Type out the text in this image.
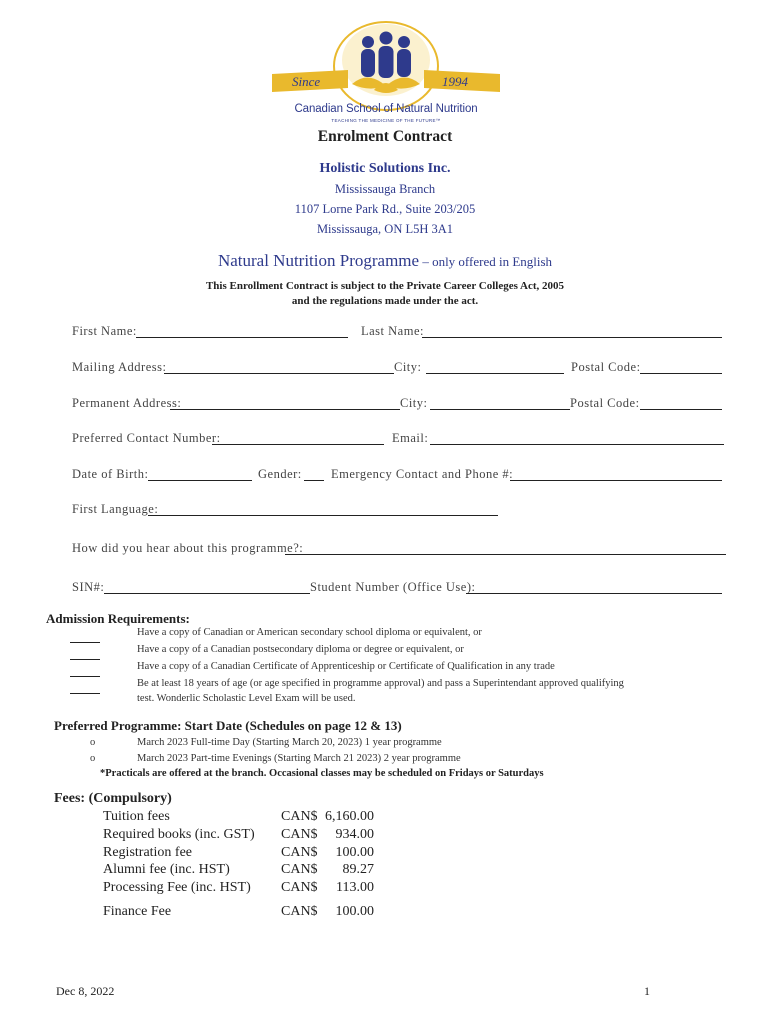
Since	1994
Canadian School of Natural Nutrition
TEACHING THE MEDICINE OF THE FUTURE™
Enrolment Contract
Holistic Solutions Inc.
Mississauga Branch
1107 Lorne Park Rd., Suite 203/205
Mississauga, ON L5H 3A1
Natural Nutrition Programme – only offered in English
This Enrollment Contract is subject to the Private Career Colleges Act, 2005
and the regulations made under the act.
First Name:	Last Name:
Mailing Address:	City:	Postal Code:
Permanent Address:	City:	Postal Code:
Preferred Contact Number:	Email:
Date of Birth:	Gender: Emergency Contact and Phone #:
First Language:
How did you hear about this programme?:
SIN#:	Student Number (Office Use):
Admission Requirements:
Have a copy of Canadian or American secondary school diploma or equivalent, or
Have a copy of a Canadian postsecondary diploma or degree or equivalent, or
Have a copy of a Canadian Certificate of Apprenticeship or Certificate of Qualification in any trade
Be at least 18 years of age (or age specified in programme approval) and pass a Superintendant approved qualifying
test. Wonderlic Scholastic Level Exam will be used.
Preferred Programme: Start Date (Schedules on page 12 & 13)
o	March 2023 Full-time Day (Starting March 20, 2023) 1 year programme
o	March 2023 Part-time Evenings (Starting March 21 2023) 2 year programme
*Practicals are offered at the branch. Occasional classes may be scheduled on Fridays or Saturdays
Fees: (Compulsory)
Tuition fees	CAN$ 6,160.00
Required books (inc. GST) CAN$	934.00
Registration fee	CAN$	100.00
Alumni fee (inc. HST)	CAN$	89.27
Processing Fee (inc. HST) CAN$	113.00
Finance Fee	CAN$	100.00
Dec 8, 2022	1
